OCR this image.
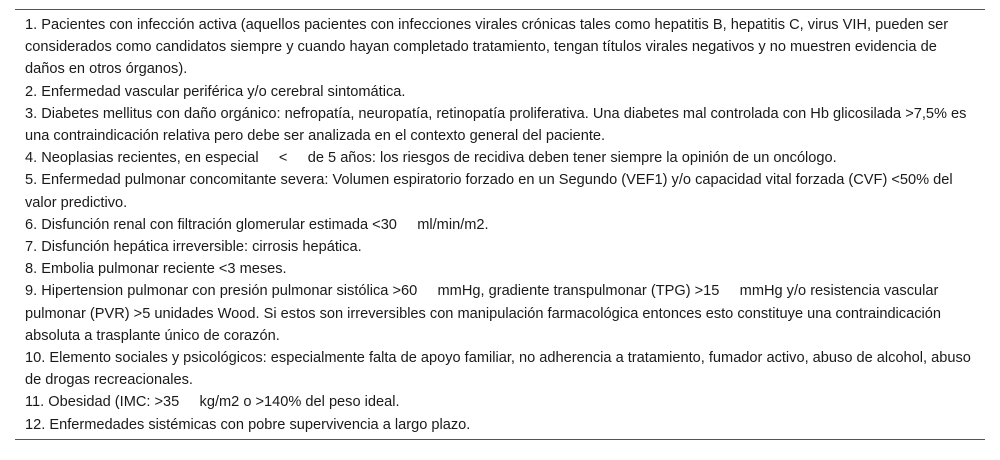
1. Pacientes con infección activa (aquellos pacientes con infecciones virales crónicas tales como hepatitis B, hepatitis C, virus VIH, pueden ser considerados como candidatos siempre y cuando hayan completado tratamiento, tengan títulos virales negativos y no muestren evidencia de daños en otros órganos).
2. Enfermedad vascular periférica y/o cerebral sintomática.
3. Diabetes mellitus con daño orgánico: nefropatía, neuropatía, retinopatía proliferativa. Una diabetes mal controlada con Hb glicosilada >7,5% es una contraindicación relativa pero debe ser analizada en el contexto general del paciente.
4. Neoplasias recientes, en especial < de 5 años: los riesgos de recidiva deben tener siempre la opinión de un oncólogo.
5. Enfermedad pulmonar concomitante severa: Volumen espiratorio forzado en un Segundo (VEF1) y/o capacidad vital forzada (CVF) <50% del valor predictivo.
6. Disfunción renal con filtración glomerular estimada <30 ml/min/m2.
7. Disfunción hepática irreversible: cirrosis hepática.
8. Embolia pulmonar reciente <3 meses.
9. Hipertension pulmonar con presión pulmonar sistólica >60 mmHg, gradiente transpulmonar (TPG) >15 mmHg y/o resistencia vascular pulmonar (PVR) >5 unidades Wood. Si estos son irreversibles con manipulación farmacológica entonces esto constituye una contraindicación absoluta a trasplante único de corazón.
10. Elemento sociales y psicológicos: especialmente falta de apoyo familiar, no adherencia a tratamiento, fumador activo, abuso de alcohol, abuso de drogas recreacionales.
11. Obesidad (IMC: >35 kg/m2 o >140% del peso ideal.
12. Enfermedades sistémicas con pobre supervivencia a largo plazo.
